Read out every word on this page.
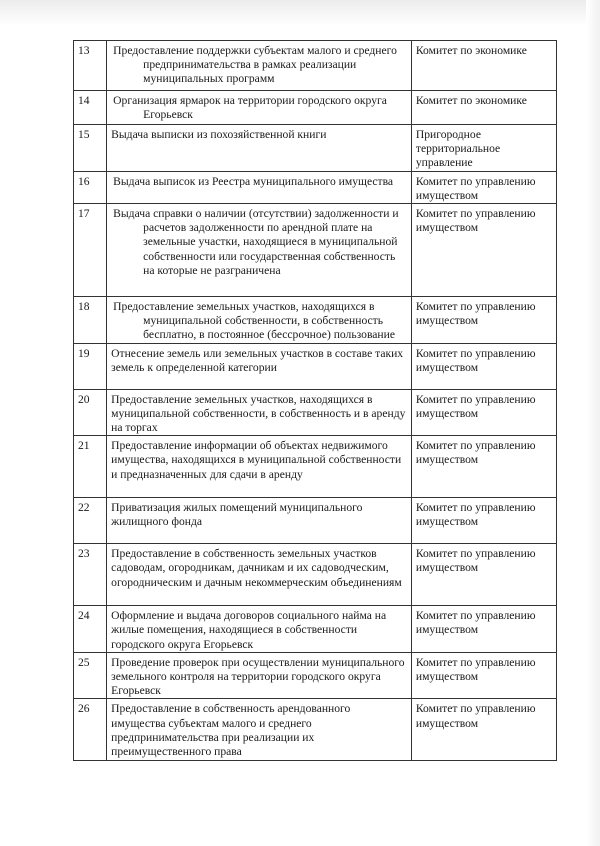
13	Предоставление поддержки субъектам малого и среднего предпринимательства в рамках реализации муниципальных программ	Комитет по экономике
14	Организация ярмарок на территории городского округа Егорьевск	Комитет по экономике
15	Выдача выписки из похозяйственной книги	Пригородное территориальное управление
16	Выдача выписок из Реестра муниципального имущества	Комитет по управлению имуществом
17	Выдача справки о наличии (отсутствии) задолженности и расчетов задолженности по арендной плате на земельные участки, находящиеся в муниципальной собственности или государственная собственность на которые не разграничена	Комитет по управлению имуществом
18	Предоставление земельных участков, находящихся в муниципальной собственности, в собственность бесплатно, в постоянное (бессрочное) пользование	Комитет по управлению имуществом
19	Отнесение земель или земельных участков в составе таких земель к определенной категории	Комитет по управлению имуществом
20	Предоставление земельных участков, находящихся в муниципальной собственности, в собственность и в аренду на торгах	Комитет по управлению имуществом
21	Предоставление информации об объектах недвижимого имущества, находящихся в муниципальной собственности и предназначенных для сдачи в аренду	Комитет по управлению имуществом
22	Приватизация жилых помещений муниципального жилищного фонда	Комитет по управлению имуществом
23	Предоставление в собственность земельных участков садоводам, огородникам, дачникам и их садоводческим, огородническим и дачным некоммерческим объединениям	Комитет по управлению имуществом
24	Оформление и выдача договоров социального найма на жилые помещения, находящиеся в собственности городского округа Егорьевск	Комитет по управлению имуществом
25	Проведение проверок при осуществлении муниципального земельного контроля на территории городского округа Егорьевск	Комитет по управлению имуществом
26	Предоставление в собственность арендованного имущества субъектам малого и среднего предпринимательства при реализации их преимущественного права	Комитет по управлению имуществом
